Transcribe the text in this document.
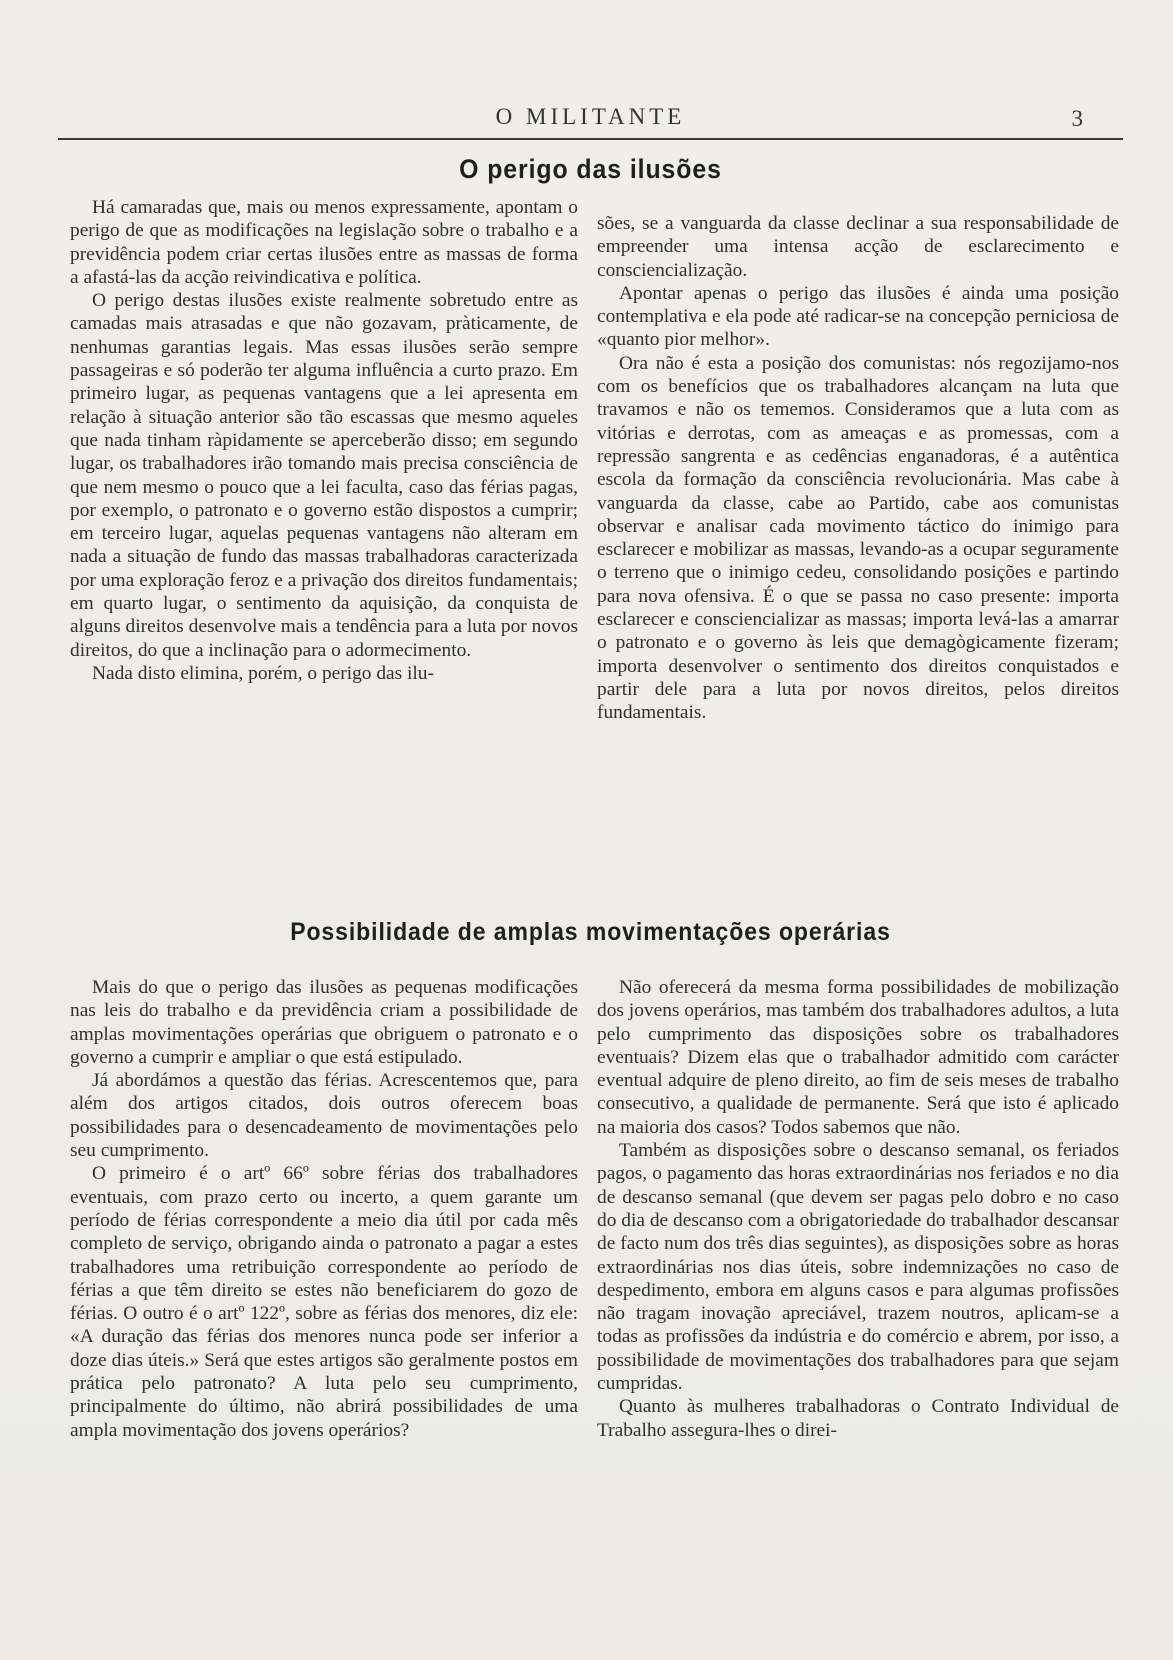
O MILITANTE	3
O perigo das ilusões

Há camaradas que, mais ou menos expressamente, apontam o perigo de que as modificações na legislação sobre o trabalho e a previdência podem criar certas ilusões entre as massas de forma a afastá-las da acção reivindicativa e política.

O perigo destas ilusões existe realmente sobretudo entre as camadas mais atrasadas e que não gozavam, pràticamente, de nenhumas garantias legais. Mas essas ilusões serão sempre passageiras e só poderão ter alguma influência a curto prazo. Em primeiro lugar, as pequenas vantagens que a lei apresenta em relação à situação anterior são tão escassas que mesmo aqueles que nada tinham ràpidamente se aperceberão disso; em segundo lugar, os trabalhadores irão tomando mais precisa consciência de que nem mesmo o pouco que a lei faculta, caso das férias pagas, por exemplo, o patronato e o governo estão dispostos a cumprir; em terceiro lugar, aquelas pequenas vantagens não alteram em nada a situação de fundo das massas trabalhadoras caracterizada por uma exploração feroz e a privação dos direitos fundamentais; em quarto lugar, o sentimento da aquisição, da conquista de alguns direitos desenvolve mais a tendência para a luta por novos direitos, do que a inclinação para o adormecimento.

Nada disto elimina, porém, o perigo das ilu-

sões, se a vanguarda da classe declinar a sua responsabilidade de empreender uma intensa acção de esclarecimento e consciencialização.

Apontar apenas o perigo das ilusões é ainda uma posição contemplativa e ela pode até radicar-se na concepção perniciosa de «quanto pior melhor».

Ora não é esta a posição dos comunistas: nós regozijamo-nos com os benefícios que os trabalhadores alcançam na luta que travamos e não os tememos. Consideramos que a luta com as vitórias e derrotas, com as ameaças e as promessas, com a repressão sangrenta e as cedências enganadoras, é a autêntica escola da formação da consciência revolucionária. Mas cabe à vanguarda da classe, cabe ao Partido, cabe aos comunistas observar e analisar cada movimento táctico do inimigo para esclarecer e mobilizar as massas, levando-as a ocupar seguramente o terreno que o inimigo cedeu, consolidando posições e partindo para nova ofensiva. É o que se passa no caso presente: importa esclarecer e consciencializar as massas; importa levá-las a amarrar o patronato e o governo às leis que demagògicamente fizeram; importa desenvolver o sentimento dos direitos conquistados e partir dele para a luta por novos direitos, pelos direitos fundamentais.

Possibilidade de amplas movimentações operárias

Mais do que o perigo das ilusões as pequenas modificações nas leis do trabalho e da previdência criam a possibilidade de amplas movimentações operárias que obriguem o patronato e o governo a cumprir e ampliar o que está estipulado.

Já abordámos a questão das férias. Acrescentemos que, para além dos artigos citados, dois outros oferecem boas possibilidades para o desencadeamento de movimentações pelo seu cumprimento.

O primeiro é o artº 66º sobre férias dos trabalhadores eventuais, com prazo certo ou incerto, a quem garante um período de férias correspondente a meio dia útil por cada mês completo de serviço, obrigando ainda o patronato a pagar a estes trabalhadores uma retribuição correspondente ao período de férias a que têm direito se estes não beneficiarem do gozo de férias. O outro é o artº 122º, sobre as férias dos menores, diz ele: «A duração das férias dos menores nunca pode ser inferior a doze dias úteis.» Será que estes artigos são geralmente postos em prática pelo patronato? A luta pelo seu cumprimento, principalmente do último, não abrirá possibilidades de uma ampla movimentação dos jovens operários?

Não oferecerá da mesma forma possibilidades de mobilização dos jovens operários, mas também dos trabalhadores adultos, a luta pelo cumprimento das disposições sobre os trabalhadores eventuais? Dizem elas que o trabalhador admitido com carácter eventual adquire de pleno direito, ao fim de seis meses de trabalho consecutivo, a qualidade de permanente. Será que isto é aplicado na maioria dos casos? Todos sabemos que não.

Também as disposições sobre o descanso semanal, os feriados pagos, o pagamento das horas extraordinárias nos feriados e no dia de descanso semanal (que devem ser pagas pelo dobro e no caso do dia de descanso com a obrigatoriedade do trabalhador descansar de facto num dos três dias seguintes), as disposições sobre as horas extraordinárias nos dias úteis, sobre indemnizações no caso de despedimento, embora em alguns casos e para algumas profissões não tragam inovação apreciável, trazem noutros, aplicam-se a todas as profissões da indústria e do comércio e abrem, por isso, a possibilidade de movimentações dos trabalhadores para que sejam cumpridas.

Quanto às mulheres trabalhadoras o Contrato Individual de Trabalho assegura-lhes o direi-
